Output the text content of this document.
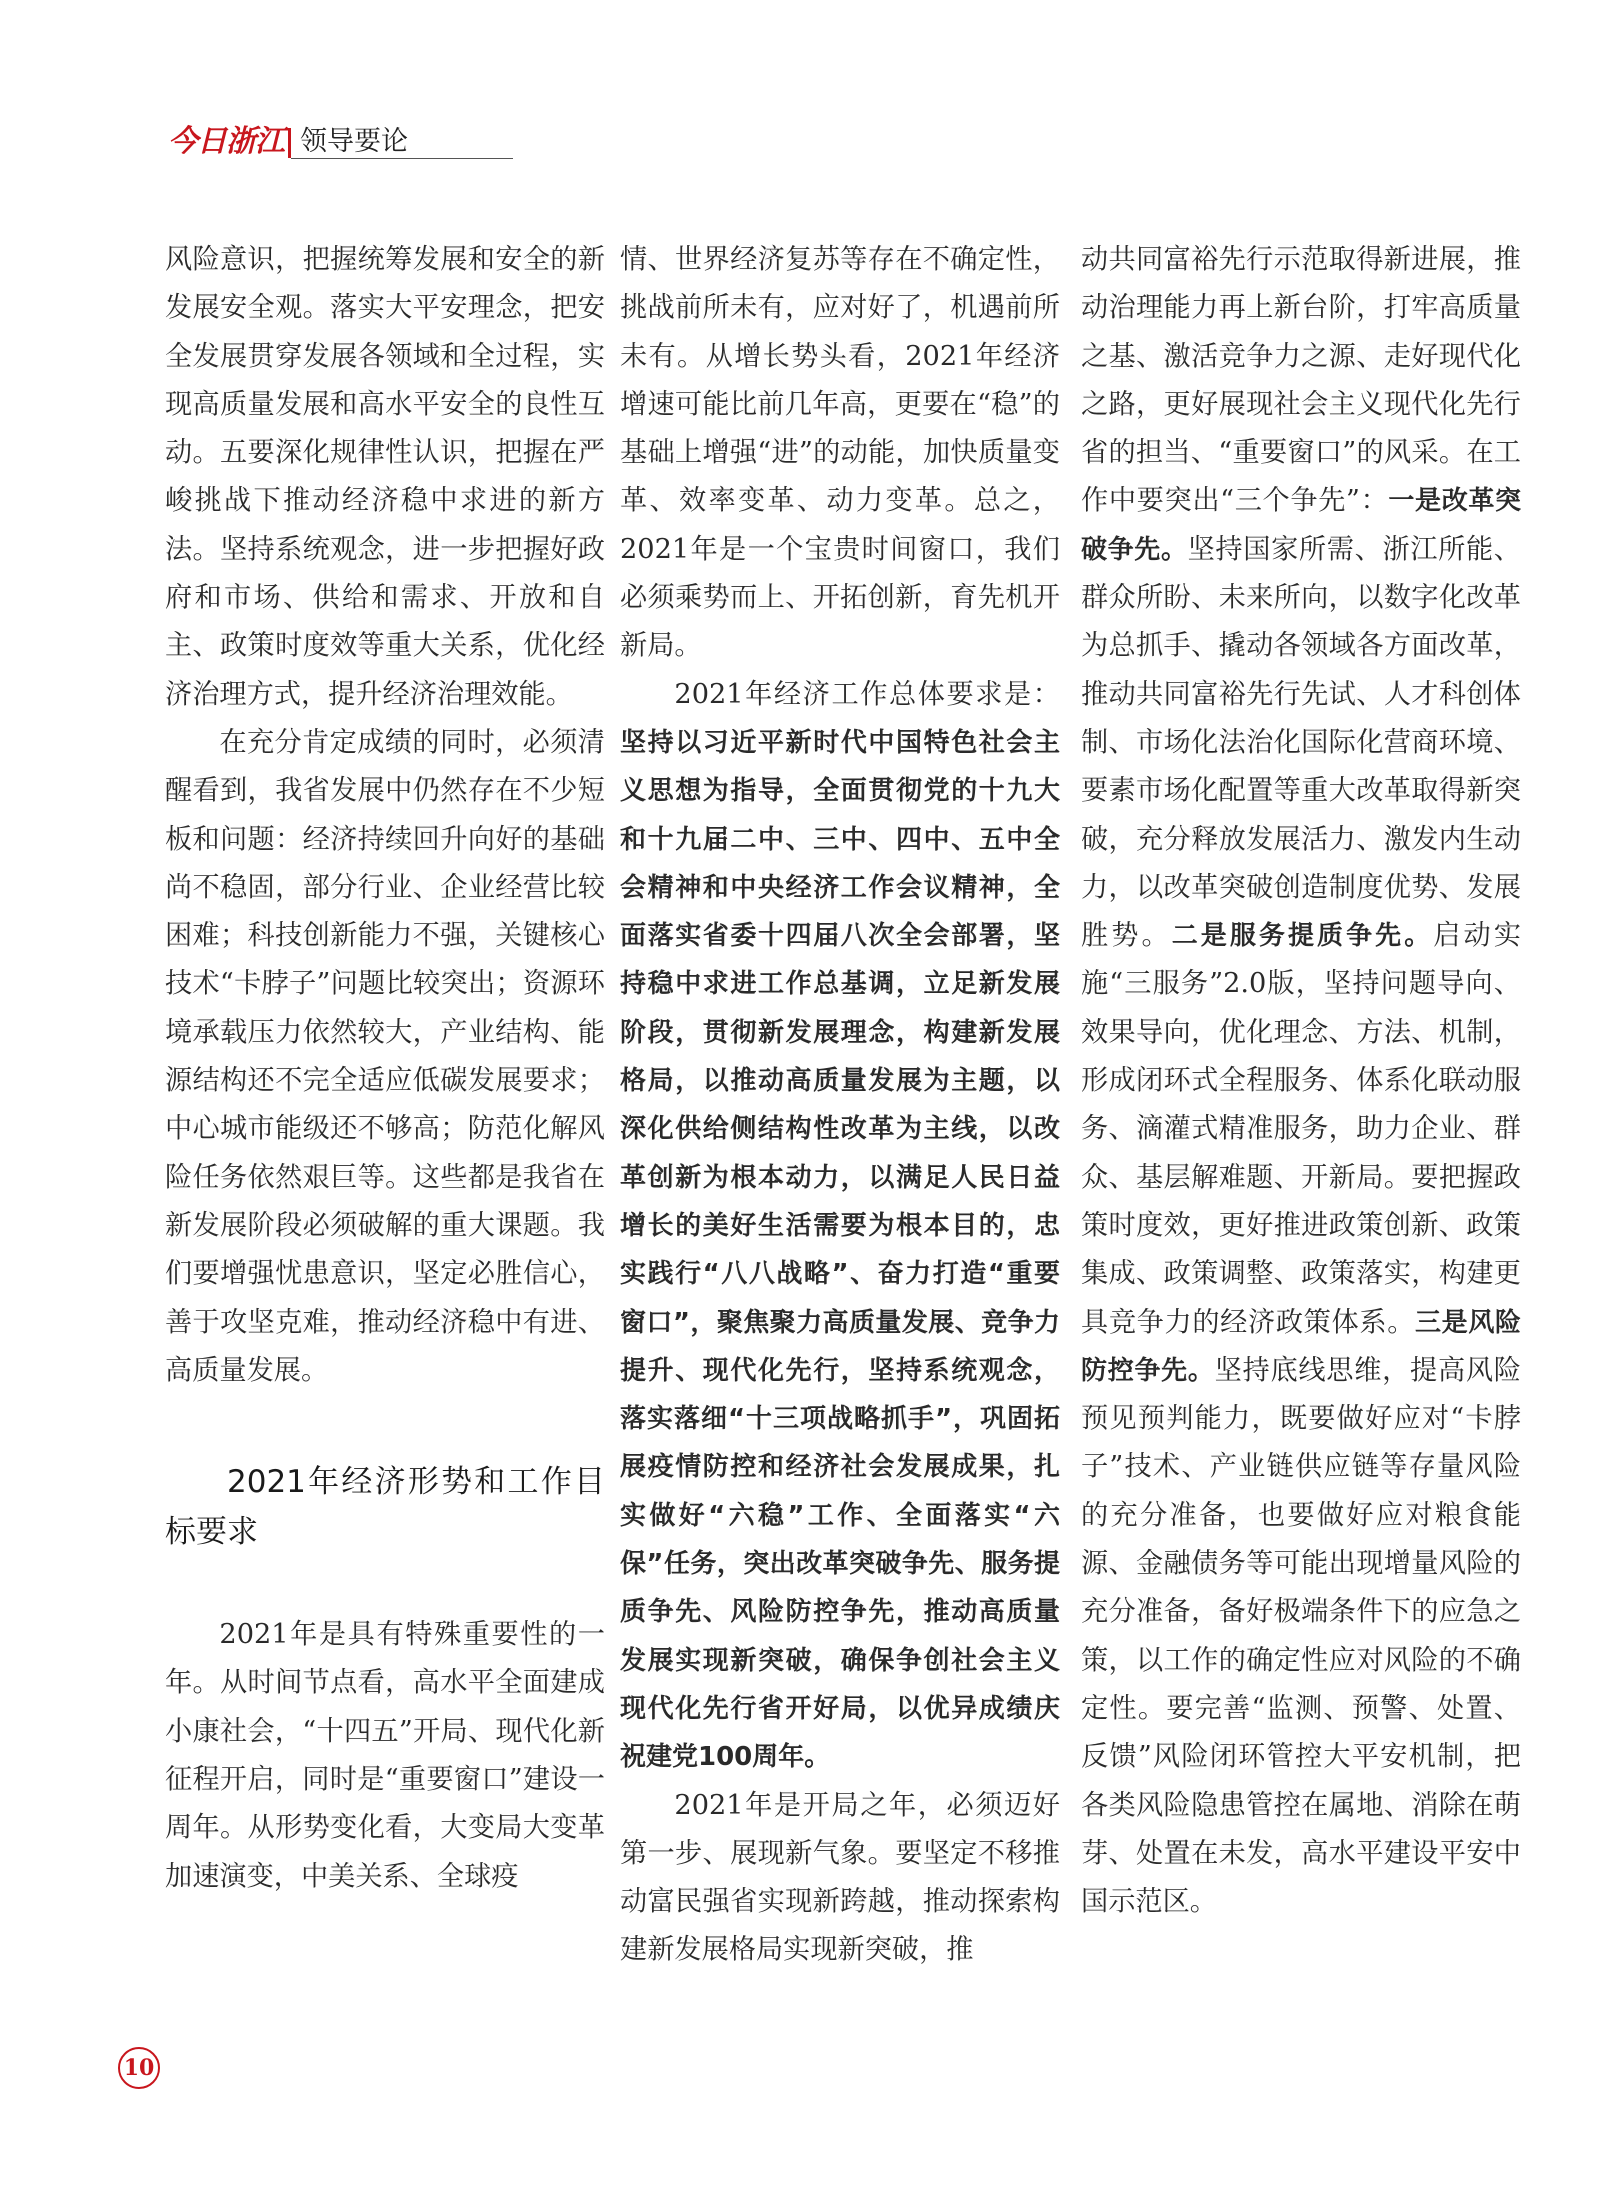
今日浙江 领导要论

风险意识，把握统筹发展和安全的新发展安全观。落实大平安理念，把安全发展贯穿发展各领域和全过程，实现高质量发展和高水平安全的良性互动。五要深化规律性认识，把握在严峻挑战下推动经济稳中求进的新方法。坚持系统观念，进一步把握好政府和市场、供给和需求、开放和自主、政策时度效等重大关系，优化经济治理方式，提升经济治理效能。

在充分肯定成绩的同时，必须清醒看到，我省发展中仍然存在不少短板和问题：经济持续回升向好的基础尚不稳固，部分行业、企业经营比较困难；科技创新能力不强，关键核心技术“卡脖子”问题比较突出；资源环境承载压力依然较大，产业结构、能源结构还不完全适应低碳发展要求；中心城市能级还不够高；防范化解风险任务依然艰巨等。这些都是我省在新发展阶段必须破解的重大课题。我们要增强忧患意识，坚定必胜信心，善于攻坚克难，推动经济稳中有进、高质量发展。

2021年经济形势和工作目标要求

2021年是具有特殊重要性的一年。从时间节点看，高水平全面建成小康社会，“十四五”开局、现代化新征程开启，同时是“重要窗口”建设一周年。从形势变化看，大变局大变革加速演变，中美关系、全球疫

情、世界经济复苏等存在不确定性，挑战前所未有，应对好了，机遇前所未有。从增长势头看，2021年经济增速可能比前几年高，更要在“稳”的基础上增强“进”的动能，加快质量变革、效率变革、动力变革。总之，2021年是一个宝贵时间窗口，我们必须乘势而上、开拓创新，育先机开新局。

2021年经济工作总体要求是：坚持以习近平新时代中国特色社会主义思想为指导，全面贯彻党的十九大和十九届二中、三中、四中、五中全会精神和中央经济工作会议精神，全面落实省委十四届八次全会部署，坚持稳中求进工作总基调，立足新发展阶段，贯彻新发展理念，构建新发展格局，以推动高质量发展为主题，以深化供给侧结构性改革为主线，以改革创新为根本动力，以满足人民日益增长的美好生活需要为根本目的，忠实践行“八八战略”、奋力打造“重要窗口”，聚焦聚力高质量发展、竞争力提升、现代化先行，坚持系统观念，落实落细“十三项战略抓手”，巩固拓展疫情防控和经济社会发展成果，扎实做好“六稳”工作、全面落实“六保”任务，突出改革突破争先、服务提质争先、风险防控争先，推动高质量发展实现新突破，确保争创社会主义现代化先行省开好局，以优异成绩庆祝建党100周年。

2021年是开局之年，必须迈好第一步、展现新气象。要坚定不移推动富民强省实现新跨越，推动探索构建新发展格局实现新突破，推

动共同富裕先行示范取得新进展，推动治理能力再上新台阶，打牢高质量之基、激活竞争力之源、走好现代化之路，更好展现社会主义现代化先行省的担当、“重要窗口”的风采。在工作中要突出“三个争先”：一是改革突破争先。坚持国家所需、浙江所能、群众所盼、未来所向，以数字化改革为总抓手、撬动各领域各方面改革，推动共同富裕先行先试、人才科创体制、市场化法治化国际化营商环境、要素市场化配置等重大改革取得新突破，充分释放发展活力、激发内生动力，以改革突破创造制度优势、发展胜势。二是服务提质争先。启动实施“三服务”2.0版，坚持问题导向、效果导向，优化理念、方法、机制，形成闭环式全程服务、体系化联动服务、滴灌式精准服务，助力企业、群众、基层解难题、开新局。要把握政策时度效，更好推进政策创新、政策集成、政策调整、政策落实，构建更具竞争力的经济政策体系。三是风险防控争先。坚持底线思维，提高风险预见预判能力，既要做好应对“卡脖子”技术、产业链供应链等存量风险的充分准备，也要做好应对粮食能源、金融债务等可能出现增量风险的充分准备，备好极端条件下的应急之策，以工作的确定性应对风险的不确定性。要完善“监测、预警、处置、反馈”风险闭环管控大平安机制，把各类风险隐患管控在属地、消除在萌芽、处置在未发，高水平建设平安中国示范区。

10
